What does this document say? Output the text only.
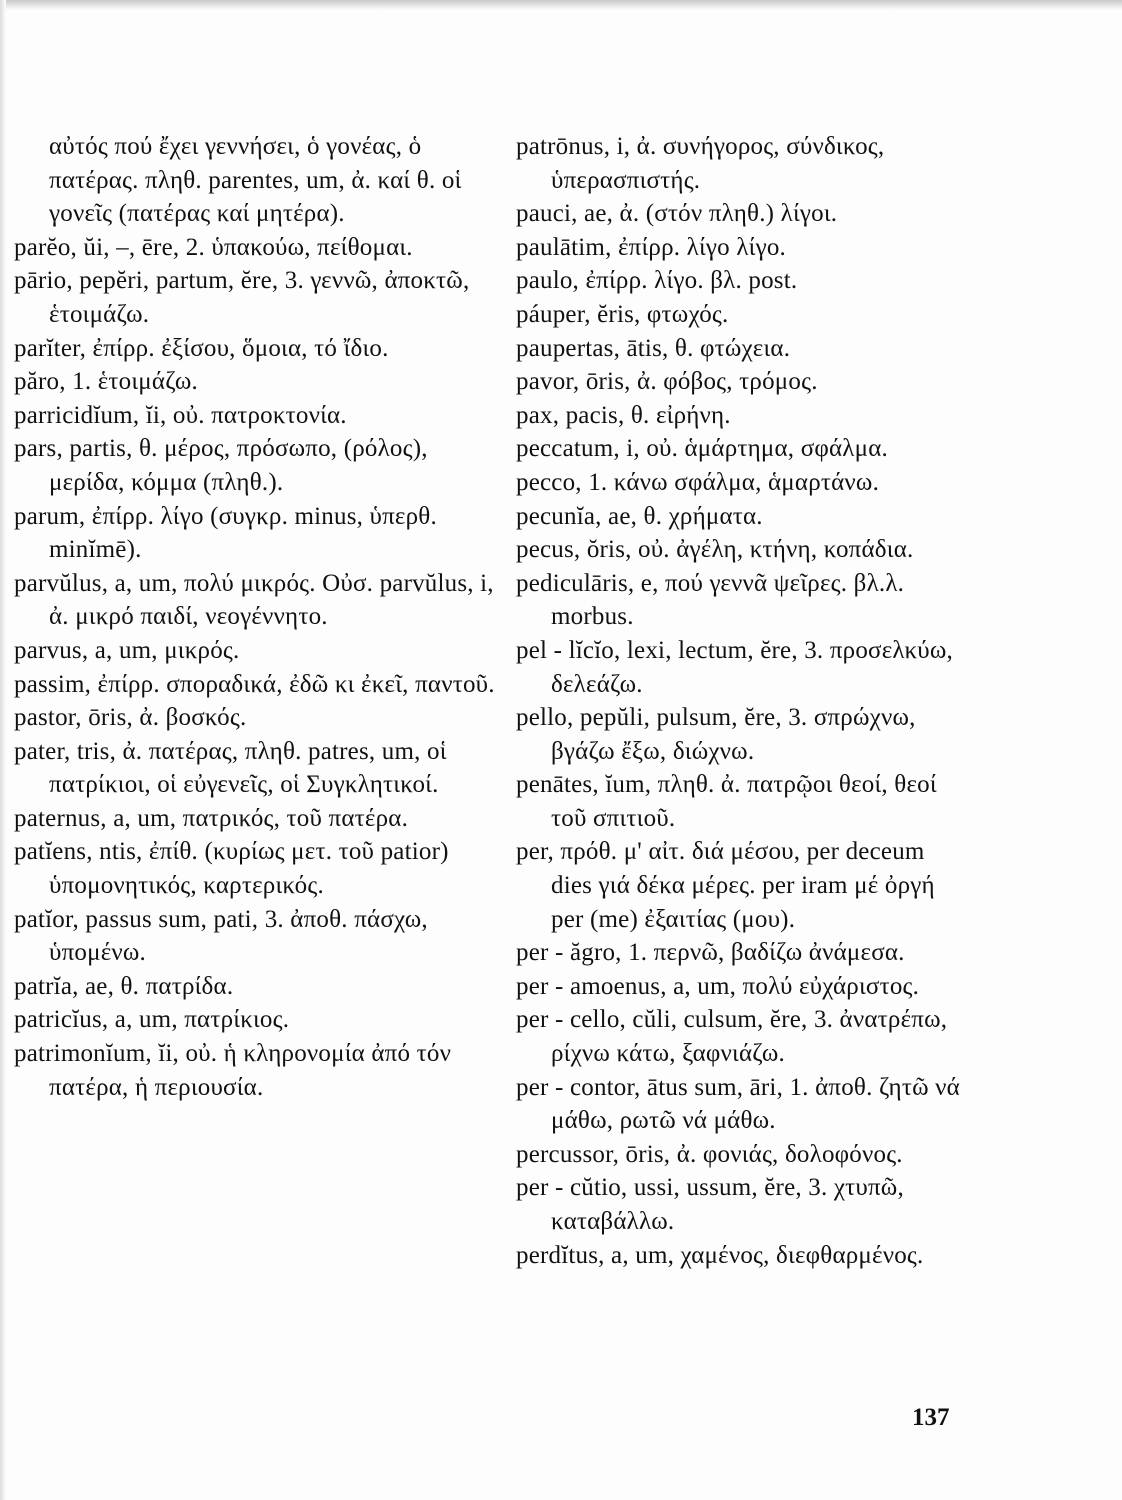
αὐτός πού ἔχει γεννήσει, ὁ γονέας, ὁ πατέρας. πληθ. parentes, um, ἀ. καί θ. οἱ γονεῖς (πατέρας καί μητέρα).
parĕo, ŭi, –, ēre, 2. ὑπακούω, πείθομαι.
pārio, pepĕri, partum, ĕre, 3. γεννῶ, ἀποκτῶ, ἑτοιμάζω.
parĭter, ἐπίρρ. ἐξίσου, ὅμοια, τό ἴδιο.
păro, 1. ἑτοιμάζω.
parricidĭum, ĭi, οὐ. πατροκτονία.
pars, partis, θ. μέρος, πρόσωπο, (ρόλος), μερίδα, κόμμα (πληθ.).
parum, ἐπίρρ. λίγο (συγκρ. minus, ὑπερθ. minĭmē).
parvŭlus, a, um, πολύ μικρός. Οὐσ. parvŭlus, i, ἀ. μικρό παιδί, νεογέννητο.
parvus, a, um, μικρός.
passim, ἐπίρρ. σποραδικά, ἐδῶ κι ἐκεῖ, παντοῦ.
pastor, ōris, ἀ. βοσκός.
pater, tris, ἀ. πατέρας, πληθ. patres, um, οἱ πατρίκιοι, οἱ εὐγενεῖς, οἱ Συγκλητικοί.
paternus, a, um, πατρικός, τοῦ πατέρα.
patĭens, ntis, ἐπίθ. (κυρίως μετ. τοῦ patior) ὑπομονητικός, καρτερικός.
patĭor, passus sum, pati, 3. ἀποθ. πάσχω, ὑπομένω.
patrĭa, ae, θ. πατρίδα.
patricĭus, a, um, πατρίκιος.
patrimonĭum, ĭi, οὐ. ἡ κληρονομία ἀπό τόν πατέρα, ἡ περιουσία.
patrōnus, i, ἀ. συνήγορος, σύνδικος, ὑπερασπιστής.
pauci, ae, ἀ. (στόν πληθ.) λίγοι.
paulātim, ἐπίρρ. λίγο λίγο.
paulo, ἐπίρρ. λίγο. βλ. post.
páuper, ĕris, φτωχός.
paupertas, ātis, θ. φτώχεια.
pavor, ōris, ἀ. φόβος, τρόμος.
pax, pacis, θ. εἰρήνη.
peccatum, i, οὐ. ἁμάρτημα, σφάλμα.
pecco, 1. κάνω σφάλμα, ἁμαρτάνω.
pecunĭa, ae, θ. χρήματα.
pecus, ŏris, οὐ. ἀγέλη, κτήνη, κοπάδια.
pediculāris, e, πού γεννᾶ ψεῖρες. βλ.λ. morbus.
pel - lĭcĭo, lexi, lectum, ĕre, 3. προσελκύω, δελεάζω.
pello, pepŭli, pulsum, ĕre, 3. σπρώχνω, βγάζω ἔξω, διώχνω.
penātes, ĭum, πληθ. ἀ. πατρῷοι θεοί, θεοί τοῦ σπιτιοῦ.
per, πρόθ. μ' αἰτ. διά μέσου, per deceum dies γιά δέκα μέρες. per iram μέ ὀργή per (me) ἐξαιτίας (μου).
per - ăgro, 1. περνῶ, βαδίζω ἀνάμεσα.
per - amoenus, a, um, πολύ εὐχάριστος.
per - cello, cŭli, culsum, ĕre, 3. ἀνατρέπω, ρίχνω κάτω, ξαφνιάζω.
per - contor, ātus sum, āri, 1. ἀποθ. ζητῶ νά μάθω, ρωτῶ νά μάθω.
percussor, ōris, ἀ. φονιάς, δολοφόνος.
per - cŭtio, ussi, ussum, ĕre, 3. χτυπῶ, καταβάλλω.
perdĭtus, a, um, χαμένος, διεφθαρμένος.
137
